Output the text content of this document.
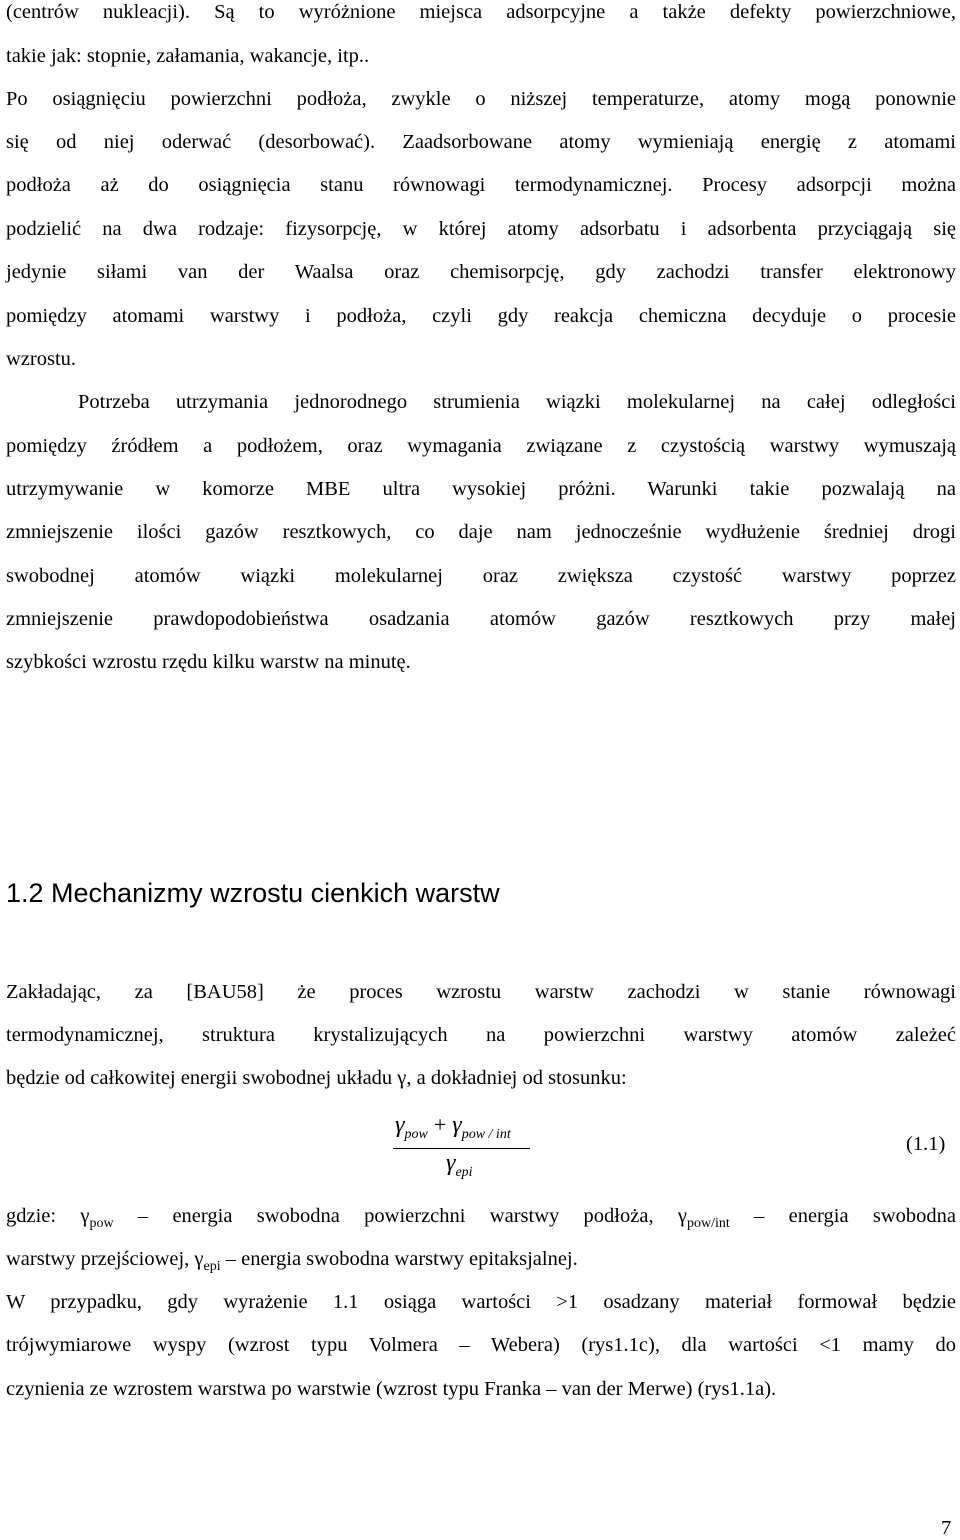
(centrów nukleacji). Są to wyróżnione miejsca adsorpcyjne a także defekty powierzchniowe,
takie jak: stopnie, załamania, wakancje, itp..
Po osiągnięciu powierzchni podłoża, zwykle o niższej temperaturze, atomy mogą ponownie
się od niej oderwać (desorbować). Zaadsorbowane atomy wymieniają energię z atomami
podłoża aż do osiągnięcia stanu równowagi termodynamicznej. Procesy adsorpcji można
podzielić na dwa rodzaje: fizysorpcję, w której atomy adsorbatu i adsorbenta przyciągają się
jedynie siłami van der Waalsa oraz chemisorpcję, gdy zachodzi transfer elektronowy
pomiędzy atomami warstwy i podłoża, czyli gdy reakcja chemiczna decyduje o procesie
wzrostu.
Potrzeba utrzymania jednorodnego strumienia wiązki molekularnej na całej odległości
pomiędzy źródłem a podłożem, oraz wymagania związane z czystością warstwy wymuszają
utrzymywanie w komorze MBE ultra wysokiej próżni. Warunki takie pozwalają na
zmniejszenie ilości gazów resztkowych, co daje nam jednocześnie wydłużenie średniej drogi
swobodnej atomów wiązki molekularnej oraz zwiększa czystość warstwy poprzez
zmniejszenie prawdopodobieństwa osadzania atomów gazów resztkowych przy małej
szybkości wzrostu rzędu kilku warstw na minutę.
1.2 Mechanizmy wzrostu cienkich warstw
Zakładając, za [BAU58] że proces wzrostu warstw zachodzi w stanie równowagi
termodynamicznej, struktura krystalizujących na powierzchni warstwy atomów zależeć
będzie od całkowitej energii swobodnej układu γ, a dokładniej od stosunku:
γpow + γpow / int
γepi
(1.1)
gdzie: $\gamma_{pow}$ – energia swobodna powierzchni warstwy podłoża, $\gamma_{pow/int}$ – energia swobodna
warstwy przejściowej, $\gamma_{epi}$ – energia swobodna warstwy epitaksjalnej.
W przypadku, gdy wyrażenie 1.1 osiąga wartości >1 osadzany materiał formował będzie
trójwymiarowe wyspy (wzrost typu Volmera – Webera) (rys1.1c), dla wartości <1 mamy do
czynienia ze wzrostem warstwa po warstwie (wzrost typu Franka – van der Merwe) (rys1.1a).
7
